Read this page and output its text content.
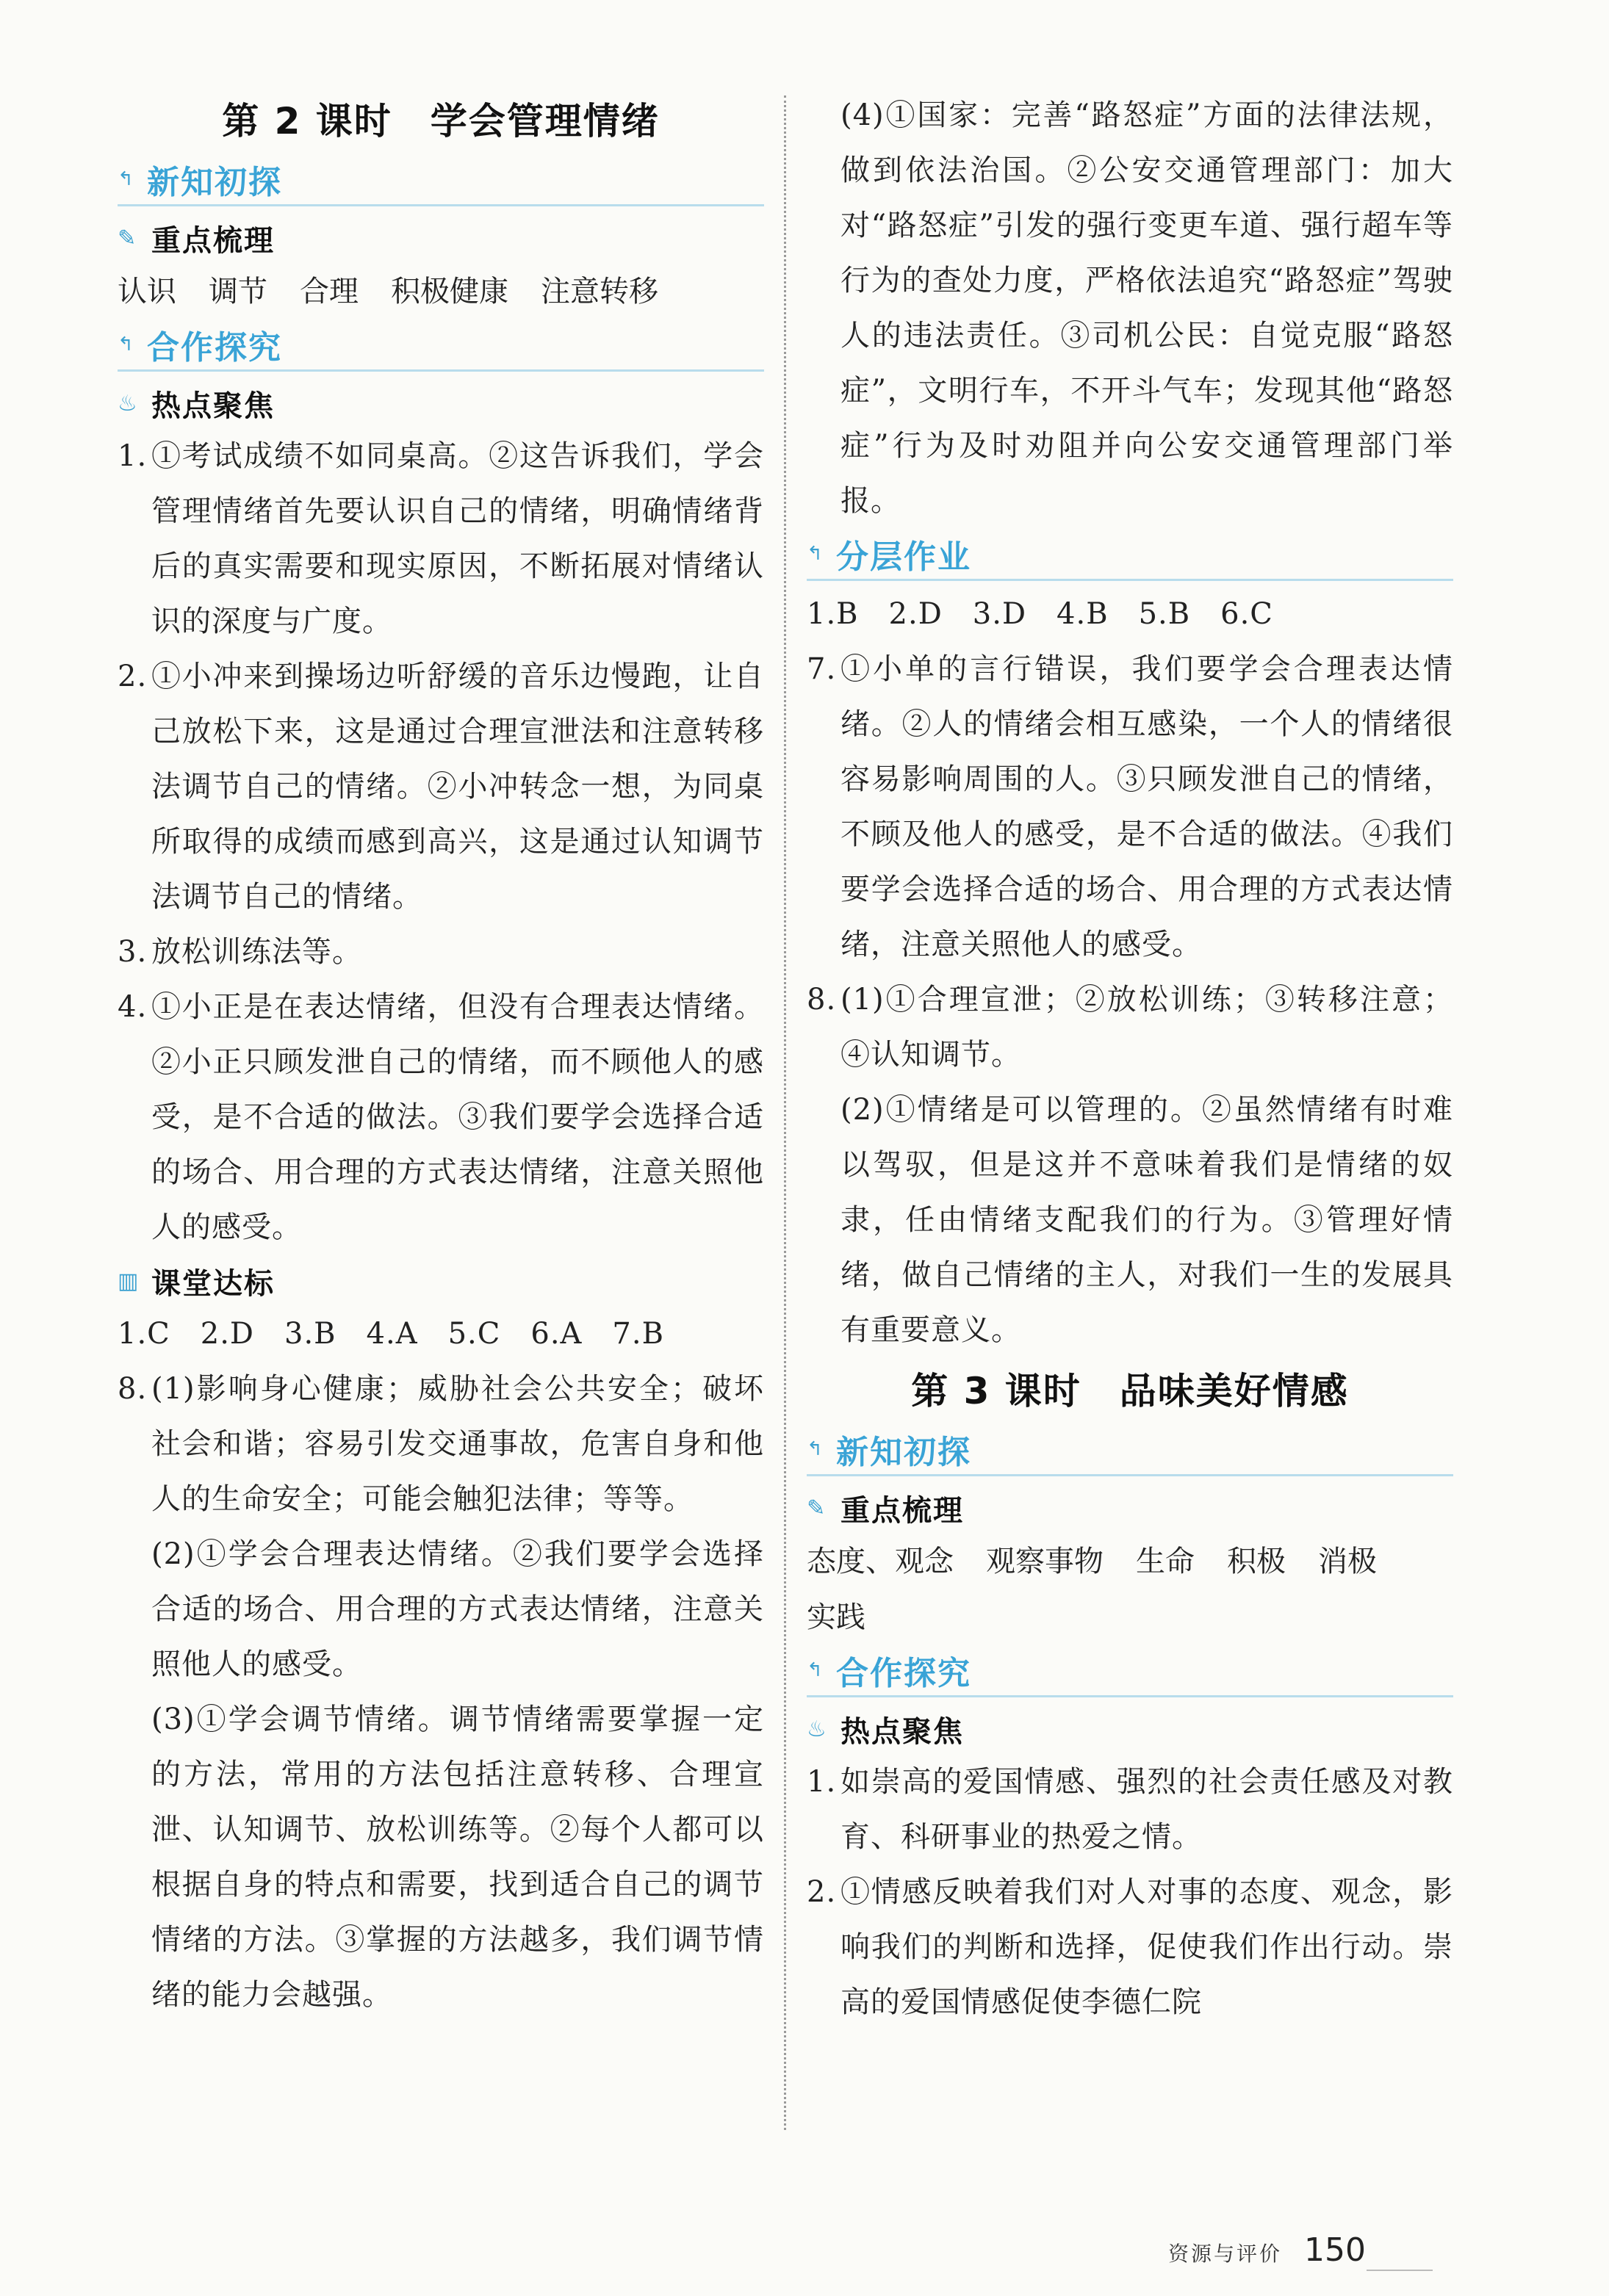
第 2 课时　学会管理情绪
↰ 新知初探
✎ 重点梳理
认识 调节 合理 积极健康 注意转移
↰ 合作探究
♨ 热点聚焦
1. ①考试成绩不如同桌高。②这告诉我们，学会管理情绪首先要认识自己的情绪，明确情绪背后的真实需要和现实原因，不断拓展对情绪认识的深度与广度。
2. ①小冲来到操场边听舒缓的音乐边慢跑，让自己放松下来，这是通过合理宣泄法和注意转移法调节自己的情绪。②小冲转念一想，为同桌所取得的成绩而感到高兴，这是通过认知调节法调节自己的情绪。
3. 放松训练法等。
4. ①小正是在表达情绪，但没有合理表达情绪。②小正只顾发泄自己的情绪，而不顾他人的感受，是不合适的做法。③我们要学会选择合适的场合、用合理的方式表达情绪，注意关照他人的感受。
▥ 课堂达标
1.C　2.D　3.B　4.A　5.C　6.A　7.B
8. (1)影响身心健康；威胁社会公共安全；破坏社会和谐；容易引发交通事故，危害自身和他人的生命安全；可能会触犯法律；等等。
(2)①学会合理表达情绪。②我们要学会选择合适的场合、用合理的方式表达情绪，注意关照他人的感受。
(3)①学会调节情绪。调节情绪需要掌握一定的方法，常用的方法包括注意转移、合理宣泄、认知调节、放松训练等。②每个人都可以根据自身的特点和需要，找到适合自己的调节情绪的方法。③掌握的方法越多，我们调节情绪的能力会越强。
(4)①国家：完善“路怒症”方面的法律法规，做到依法治国。②公安交通管理部门：加大对“路怒症”引发的强行变更车道、强行超车等行为的查处力度，严格依法追究“路怒症”驾驶人的违法责任。③司机公民：自觉克服“路怒症”，文明行车，不开斗气车；发现其他“路怒症”行为及时劝阻并向公安交通管理部门举报。
↰ 分层作业
1.B　2.D　3.D　4.B　5.B　6.C
7. ①小单的言行错误，我们要学会合理表达情绪。②人的情绪会相互感染，一个人的情绪很容易影响周围的人。③只顾发泄自己的情绪，不顾及他人的感受，是不合适的做法。④我们要学会选择合适的场合、用合理的方式表达情绪，注意关照他人的感受。
8. (1)①合理宣泄；②放松训练；③转移注意；④认知调节。
(2)①情绪是可以管理的。②虽然情绪有时难以驾驭，但是这并不意味着我们是情绪的奴隶，任由情绪支配我们的行为。③管理好情绪，做自己情绪的主人，对我们一生的发展具有重要意义。
第 3 课时　品味美好情感
↰ 新知初探
✎ 重点梳理
态度、观念 观察事物 生命 积极 消极
实践
↰ 合作探究
♨ 热点聚焦
1. 如崇高的爱国情感、强烈的社会责任感及对教育、科研事业的热爱之情。
2. ①情感反映着我们对人对事的态度、观念，影响我们的判断和选择，促使我们作出行动。崇高的爱国情感促使李德仁院
资源与评价 150
